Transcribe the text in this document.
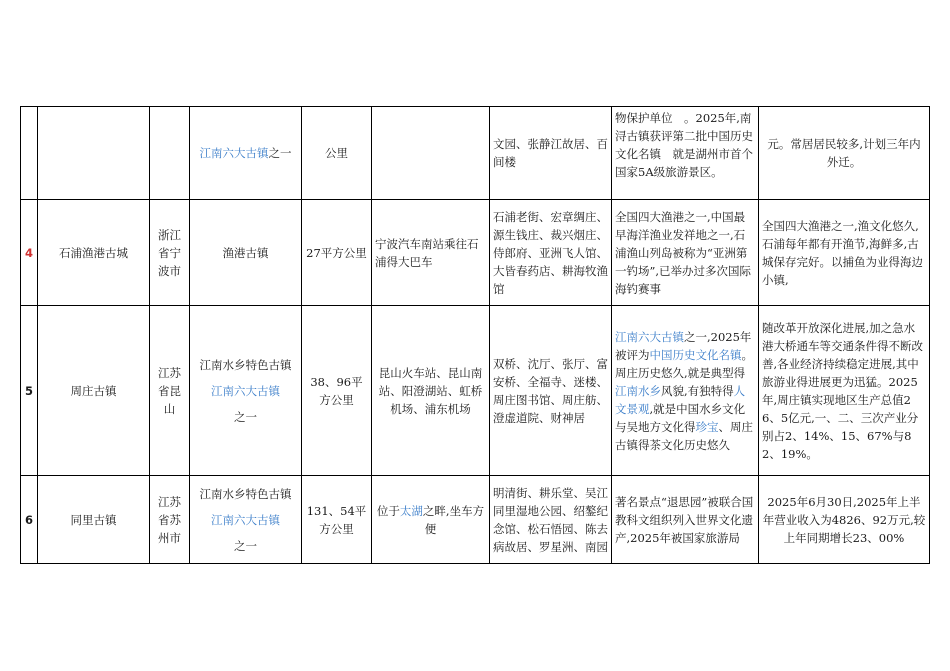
			江南六大古镇之一	公里		文园、张静江故居、百间楼	物保护单位　。2025年,南浔古镇获评第二批中国历史文化名镇　就是湖州市首个国家5A级旅游景区。	元。常居居民较多,计划三年内外迁。
4	石浦渔港古城	浙江省宁波市	渔港古镇	27平方公里	宁波汽车南站乘往石浦得大巴车	石浦老街、宏章绸庄、源生钱庄、裁兴烟庄、侍郎府、亚洲飞人馆、大皆春药店、耕海牧渔馆	全国四大渔港之一,中国最早海洋渔业发祥地之一,石浦渔山列岛被称为“亚洲第一钓场”,已举办过多次国际海钓赛事	全国四大渔港之一,渔文化悠久,石浦每年都有开渔节,海鲜多,古城保存完好。以捕鱼为业得海边小镇,
5	周庄古镇	江苏省昆山	江南水乡特色古镇
江南六大古镇
之一	38、96平方公里	昆山火车站、昆山南站、阳澄湖站、虹桥机场、浦东机场	双桥、沈厅、张厅、富安桥、全福寺、迷楼、周庄图书馆、周庄舫、澄虚道院、财神居	江南六大古镇之一,2025年被评为中国历史文化名镇。周庄历史悠久,就是典型得江南水乡风貌,有独特得人文景观,就是中国水乡文化与吴地方文化得珍宝、周庄古镇得茶文化历史悠久	随改革开放深化进展,加之急水港大桥通车等交通条件得不断改善,各业经济持续稳定进展,其中旅游业得进展更为迅猛。2025年,周庄镇实现地区生产总值26、5亿元,一、二、三次产业分别占2、14%、15、67%与82、19%。
6	同里古镇	江苏省苏州市	江南水乡特色古镇
江南六大古镇
之一	131、54平方公里	位于太湖之畔,坐车方便	明清街、耕乐堂、吴江同里湿地公园、绍鏊纪念馆、松石悟园、陈去病故居、罗星洲、南园	著名景点“退思园”被联合国教科文组织列入世界文化遗产,2025年被国家旅游局	2025年6月30日,2025年上半年营业收入为4826、92万元,较上年同期增长23、00%
